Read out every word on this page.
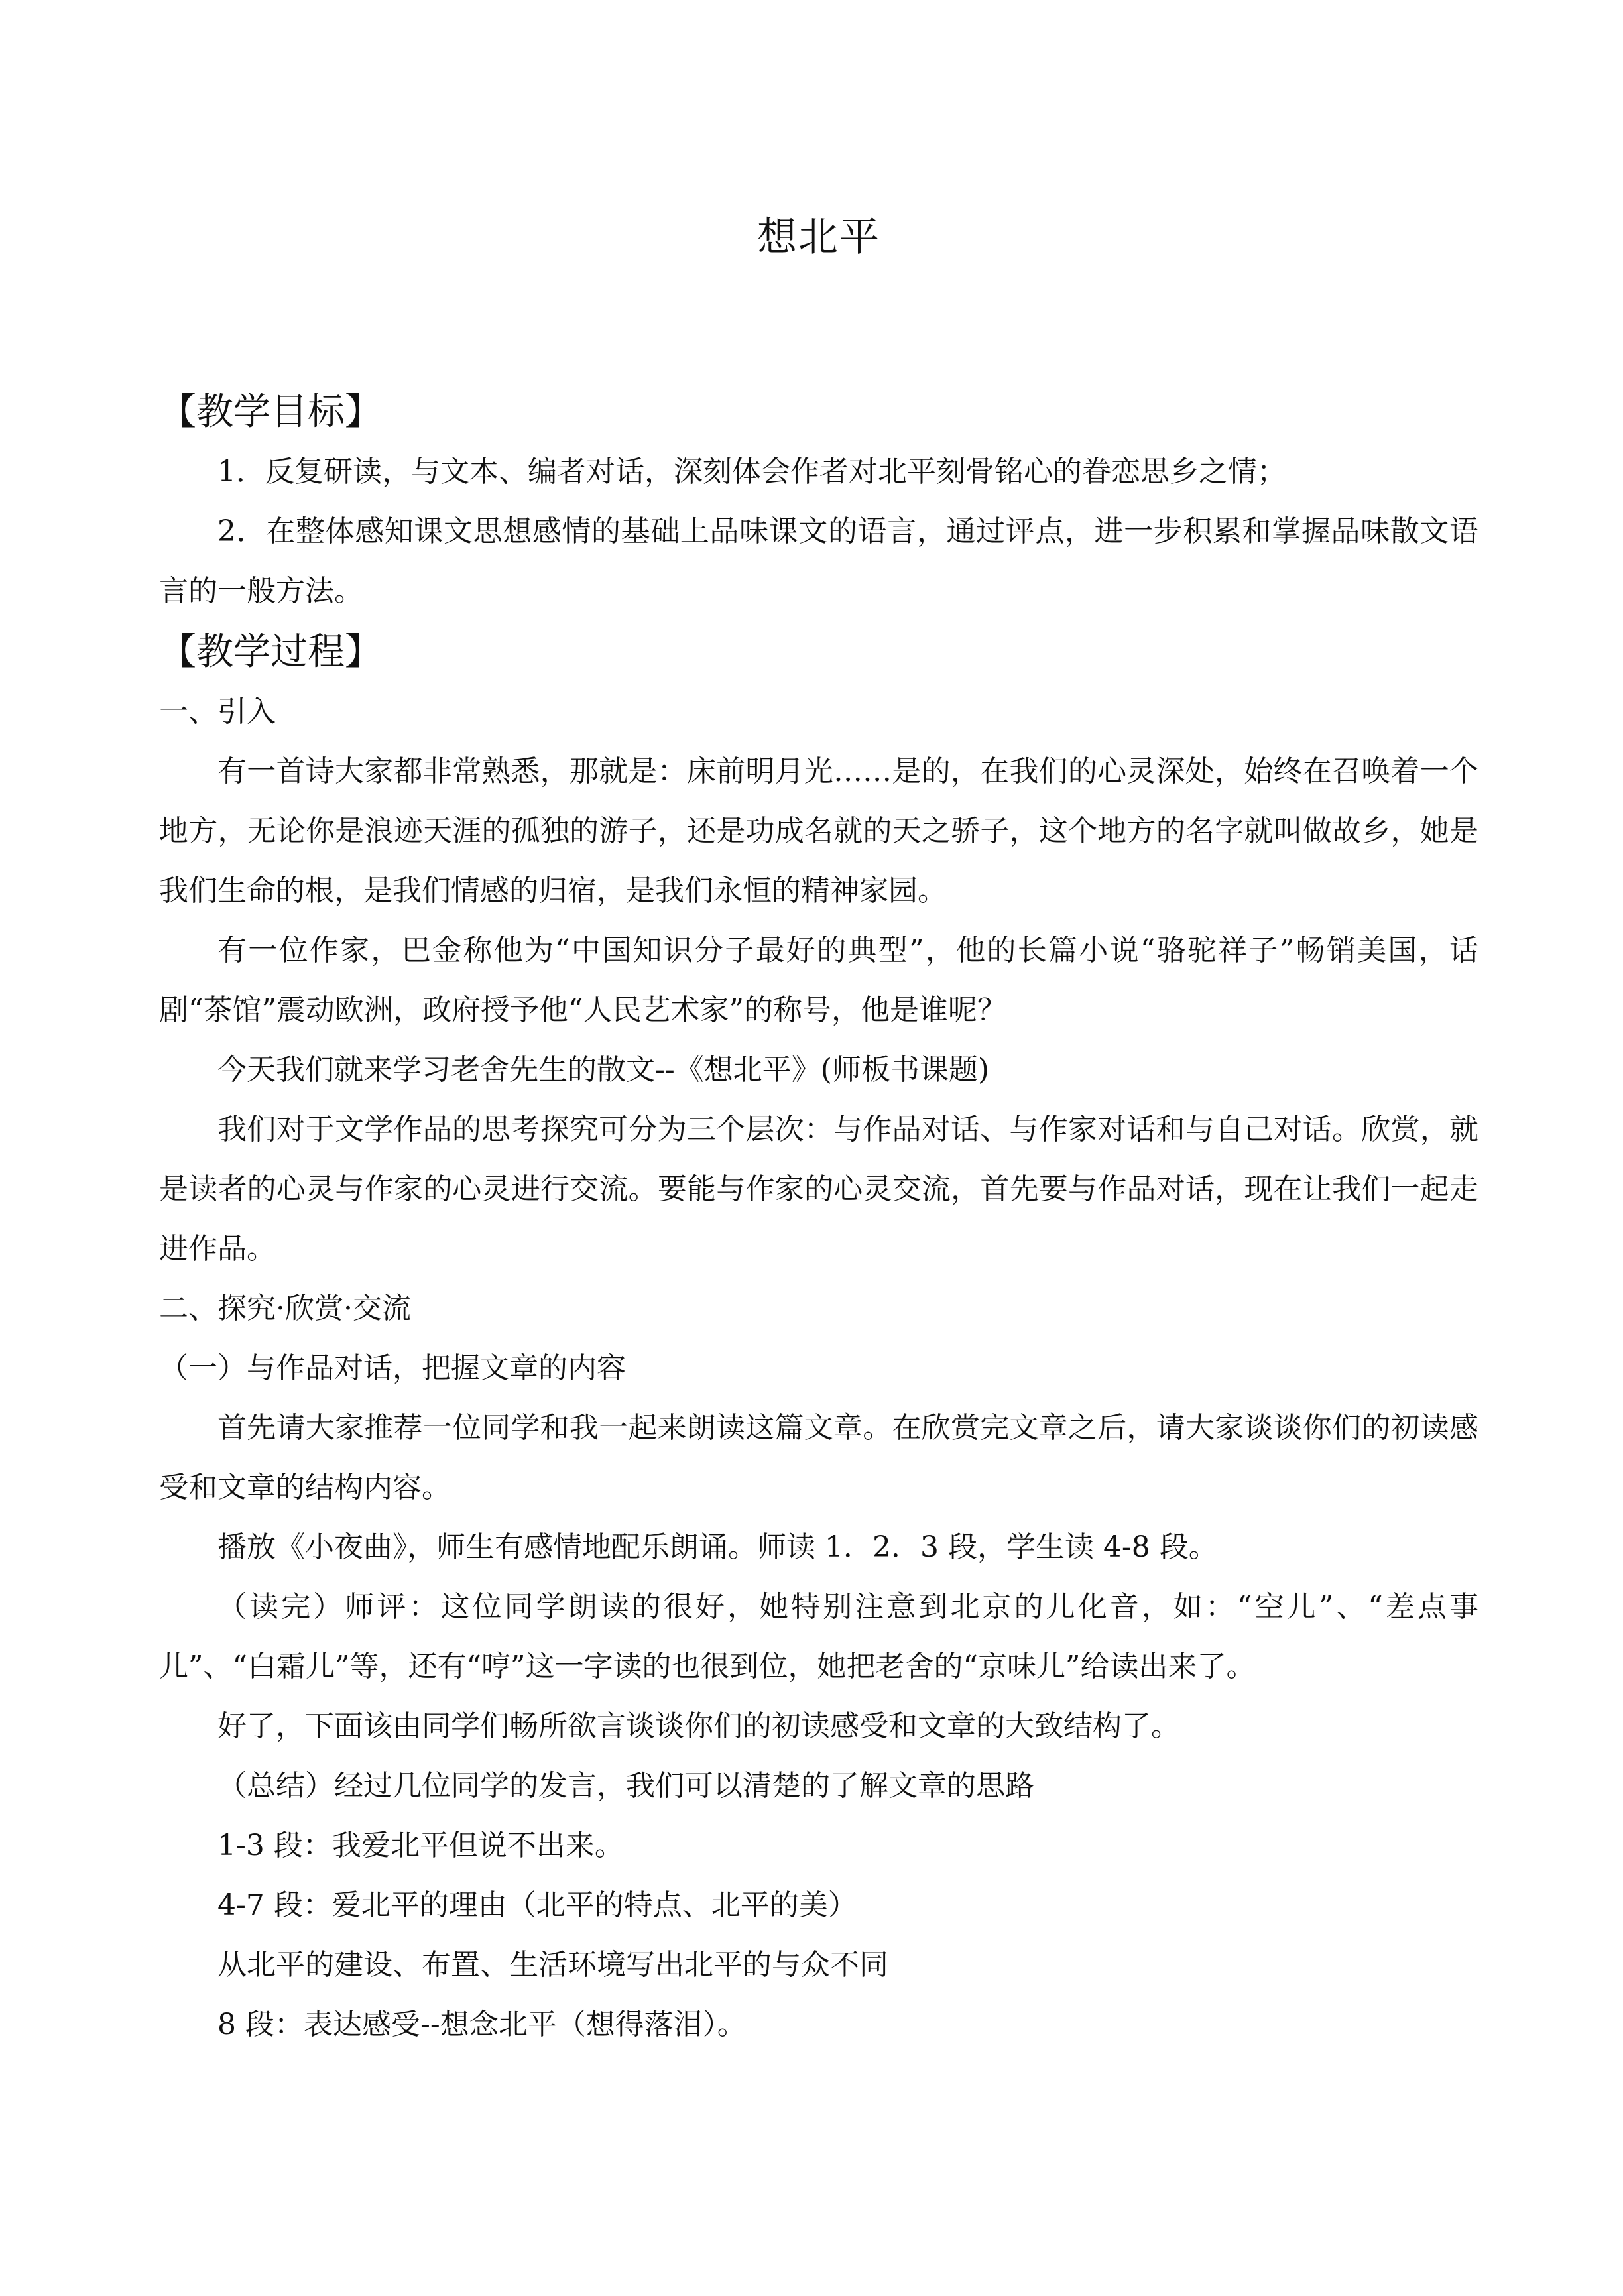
想北平

【教学目标】

1．反复研读，与文本、编者对话，深刻体会作者对北平刻骨铭心的眷恋思乡之情；

2．在整体感知课文思想感情的基础上品味课文的语言，通过评点，进一步积累和掌握品味散文语言的一般方法。

【教学过程】

一、引入

有一首诗大家都非常熟悉，那就是：床前明月光……是的，在我们的心灵深处，始终在召唤着一个地方，无论你是浪迹天涯的孤独的游子，还是功成名就的天之骄子，这个地方的名字就叫做故乡，她是我们生命的根，是我们情感的归宿，是我们永恒的精神家园。

有一位作家，巴金称他为“中国知识分子最好的典型”，他的长篇小说“骆驼祥子”畅销美国，话剧“茶馆”震动欧洲，政府授予他“人民艺术家”的称号，他是谁呢？

今天我们就来学习老舍先生的散文--《想北平》(师板书课题)

我们对于文学作品的思考探究可分为三个层次：与作品对话、与作家对话和与自己对话。欣赏，就是读者的心灵与作家的心灵进行交流。要能与作家的心灵交流，首先要与作品对话，现在让我们一起走进作品。

二、探究·欣赏·交流

（一）与作品对话，把握文章的内容

首先请大家推荐一位同学和我一起来朗读这篇文章。在欣赏完文章之后，请大家谈谈你们的初读感受和文章的结构内容。

播放《小夜曲》，师生有感情地配乐朗诵。师读 1．2．3 段，学生读 4-8 段。

（读完）师评：这位同学朗读的很好，她特别注意到北京的儿化音，如：“空儿”、“差点事儿”、“白霜儿”等，还有“哼”这一字读的也很到位，她把老舍的“京味儿”给读出来了。

好了，下面该由同学们畅所欲言谈谈你们的初读感受和文章的大致结构了。

（总结）经过几位同学的发言，我们可以清楚的了解文章的思路

1-3 段：我爱北平但说不出来。

4-7 段：爱北平的理由（北平的特点、北平的美）

从北平的建设、布置、生活环境写出北平的与众不同

8 段：表达感受--想念北平（想得落泪）。
